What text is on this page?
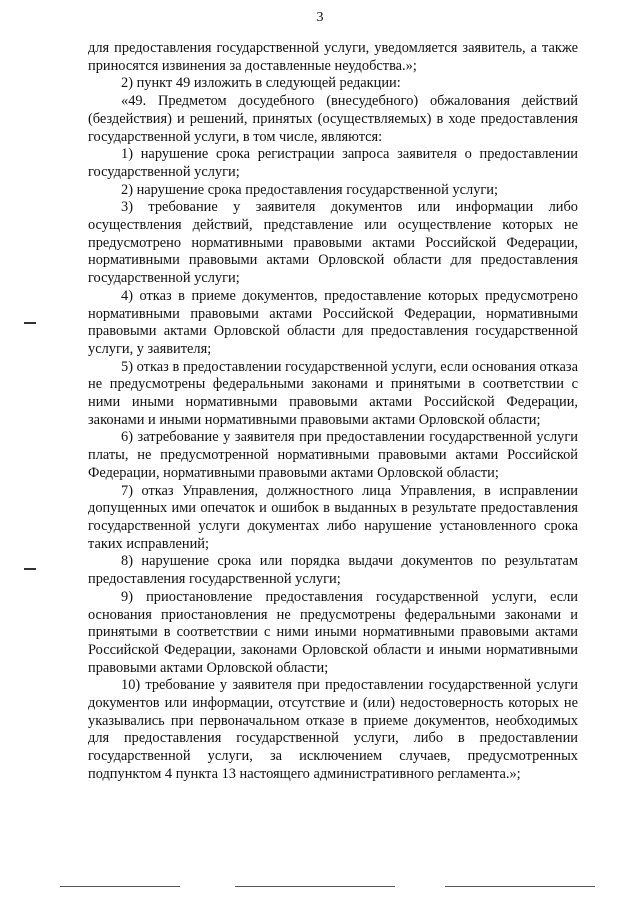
3

для предоставления государственной услуги, уведомляется заявитель, а также приносятся извинения за доставленные неудобства.»;

2) пункт 49 изложить в следующей редакции:

«49. Предметом досудебного (внесудебного) обжалования действий (бездействия) и решений, принятых (осуществляемых) в ходе предоставления государственной услуги, в том числе, являются:

1) нарушение срока регистрации запроса заявителя о предоставлении государственной услуги;

2) нарушение срока предоставления государственной услуги;

3) требование у заявителя документов или информации либо осуществления действий, представление или осуществление которых не предусмотрено нормативными правовыми актами Российской Федерации, нормативными правовыми актами Орловской области для предоставления государственной услуги;

4) отказ в приеме документов, предоставление которых предусмотрено нормативными правовыми актами Российской Федерации, нормативными правовыми актами Орловской области для предоставления государственной услуги, у заявителя;

5) отказ в предоставлении государственной услуги, если основания отказа не предусмотрены федеральными законами и принятыми в соответствии с ними иными нормативными правовыми актами Российской Федерации, законами и иными нормативными правовыми актами Орловской области;

6) затребование у заявителя при предоставлении государственной услуги платы, не предусмотренной нормативными правовыми актами Российской Федерации, нормативными правовыми актами Орловской области;

7) отказ Управления, должностного лица Управления, в исправлении допущенных ими опечаток и ошибок в выданных в результате предоставления государственной услуги документах либо нарушение установленного срока таких исправлений;

8) нарушение срока или порядка выдачи документов по результатам предоставления государственной услуги;

9) приостановление предоставления государственной услуги, если основания приостановления не предусмотрены федеральными законами и принятыми в соответствии с ними иными нормативными правовыми актами Российской Федерации, законами Орловской области и иными нормативными правовыми актами Орловской области;

10) требование у заявителя при предоставлении государственной услуги документов или информации, отсутствие и (или) недостоверность которых не указывались при первоначальном отказе в приеме документов, необходимых для предоставления государственной услуги, либо в предоставлении государственной услуги, за исключением случаев, предусмотренных подпунктом 4 пункта 13 настоящего административного регламента.»;
